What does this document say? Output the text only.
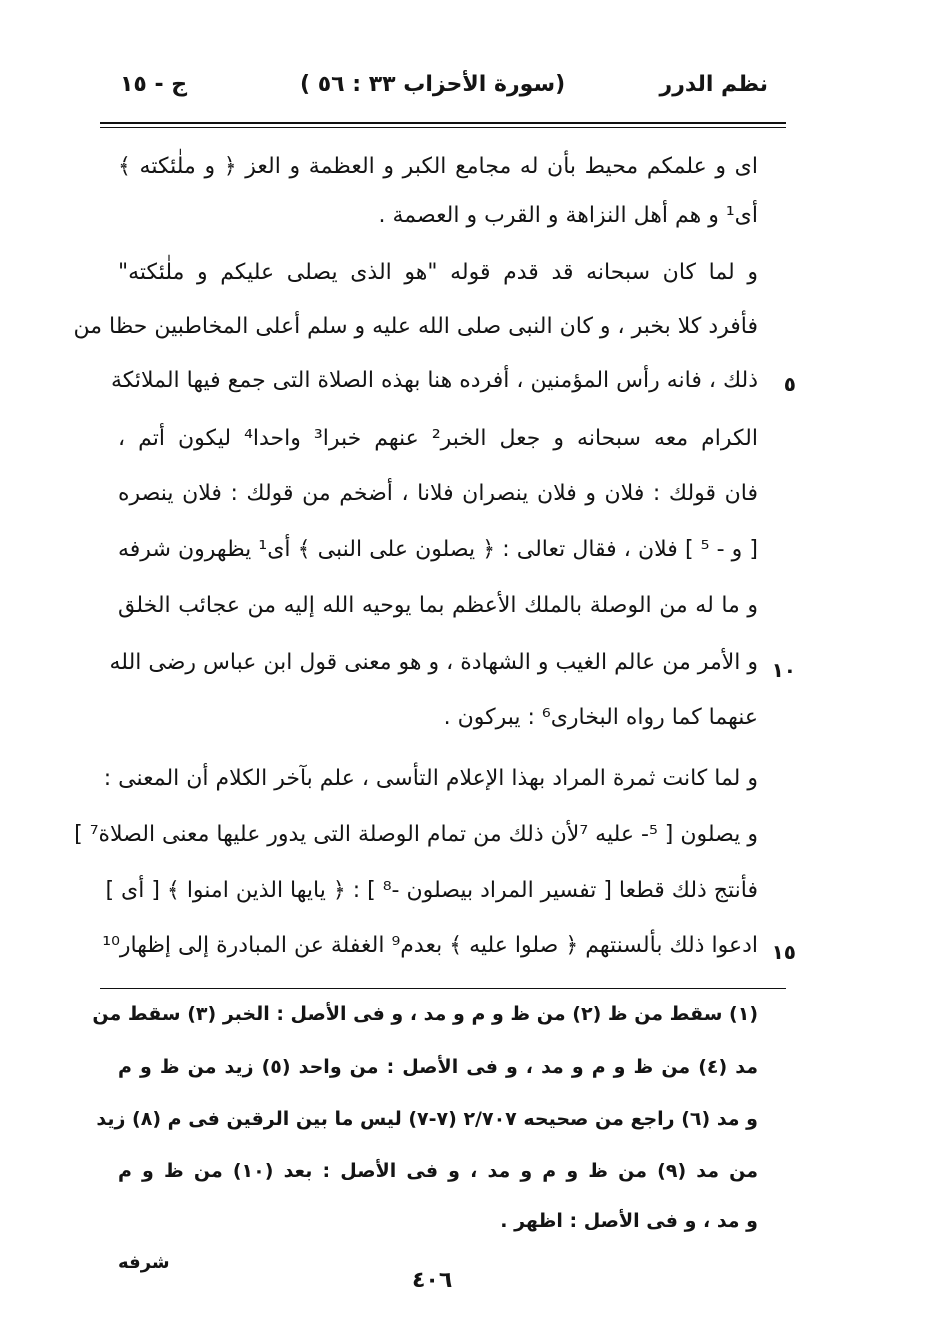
نظم الدرر
(سورة الأحزاب ٣٣ : ٥٦ )
ج - ١٥
اى و علمكم محيط بأن له مجامع الكبر و العظمة و العز ﴿ و ملٰئكته ﴾
أى¹ و هم أهل النزاهة و القرب و العصمة .
و لما كان سبحانه قد قدم قوله "هو الذى يصلى عليكم و ملٰئكته"
فأفرد كلا بخبر ، و كان النبى صلى الله عليه و سلم أعلى المخاطبين حظا من
ذلك ، فانه رأس المؤمنين ، أفرده هنا بهذه الصلاة التى جمع فيها الملائكة	٥
الكرام معه سبحانه و جعل الخبر² عنهم خبرا³ واحدا⁴ ليكون أتم ،
فان قولك : فلان و فلان ينصران فلانا ، أضخم من قولك : فلان ينصره
[ و - ⁵ ] فلان ، فقال تعالى : ﴿ يصلون على النبى ﴾ أى¹ يظهرون شرفه
و ما له من الوصلة بالملك الأعظم بما يوحيه الله إليه من عجائب الخلق
و الأمر من عالم الغيب و الشهادة ، و هو معنى قول ابن عباس رضى الله ١٠
عنهما كما رواه البخارى⁶ : يبركون .
و لما كانت ثمرة المراد بهذا الإعلام التأسى ، علم بآخر الكلام أن المعنى :
و يصلون [ ⁵- عليه ⁷لأن ذلك من تمام الوصلة التى يدور عليها معنى الصلاة⁷ ]
فأنتج ذلك قطعا [ تفسير المراد بيصلون -⁸ ] : ﴿ يايها الذين امنوا ﴾ [ أى ]
ادعوا ذلك بألسنتهم ﴿ صلوا عليه ﴾ بعدم⁹ الغفلة عن المبادرة إلى إظهار¹⁰ ١٥
(١) سقط من ظ (٢) من ظ و م و مد ، و فى الأصل : الخبر (٣) سقط من
مد (٤) من ظ و م و مد ، و فى الأصل : من واحد (٥) زيد من ظ و م
و مد (٦) راجع من صحيحه ٢/٧٠٧ (٧-٧) ليس ما بين الرقين فى م (٨) زيد
من مد (٩) من ظ و م و مد ، و فى الأصل : بعد (١٠) من ظ و م
و مد ، و فى الأصل : اظهر .
شرفه
٤٠٦
